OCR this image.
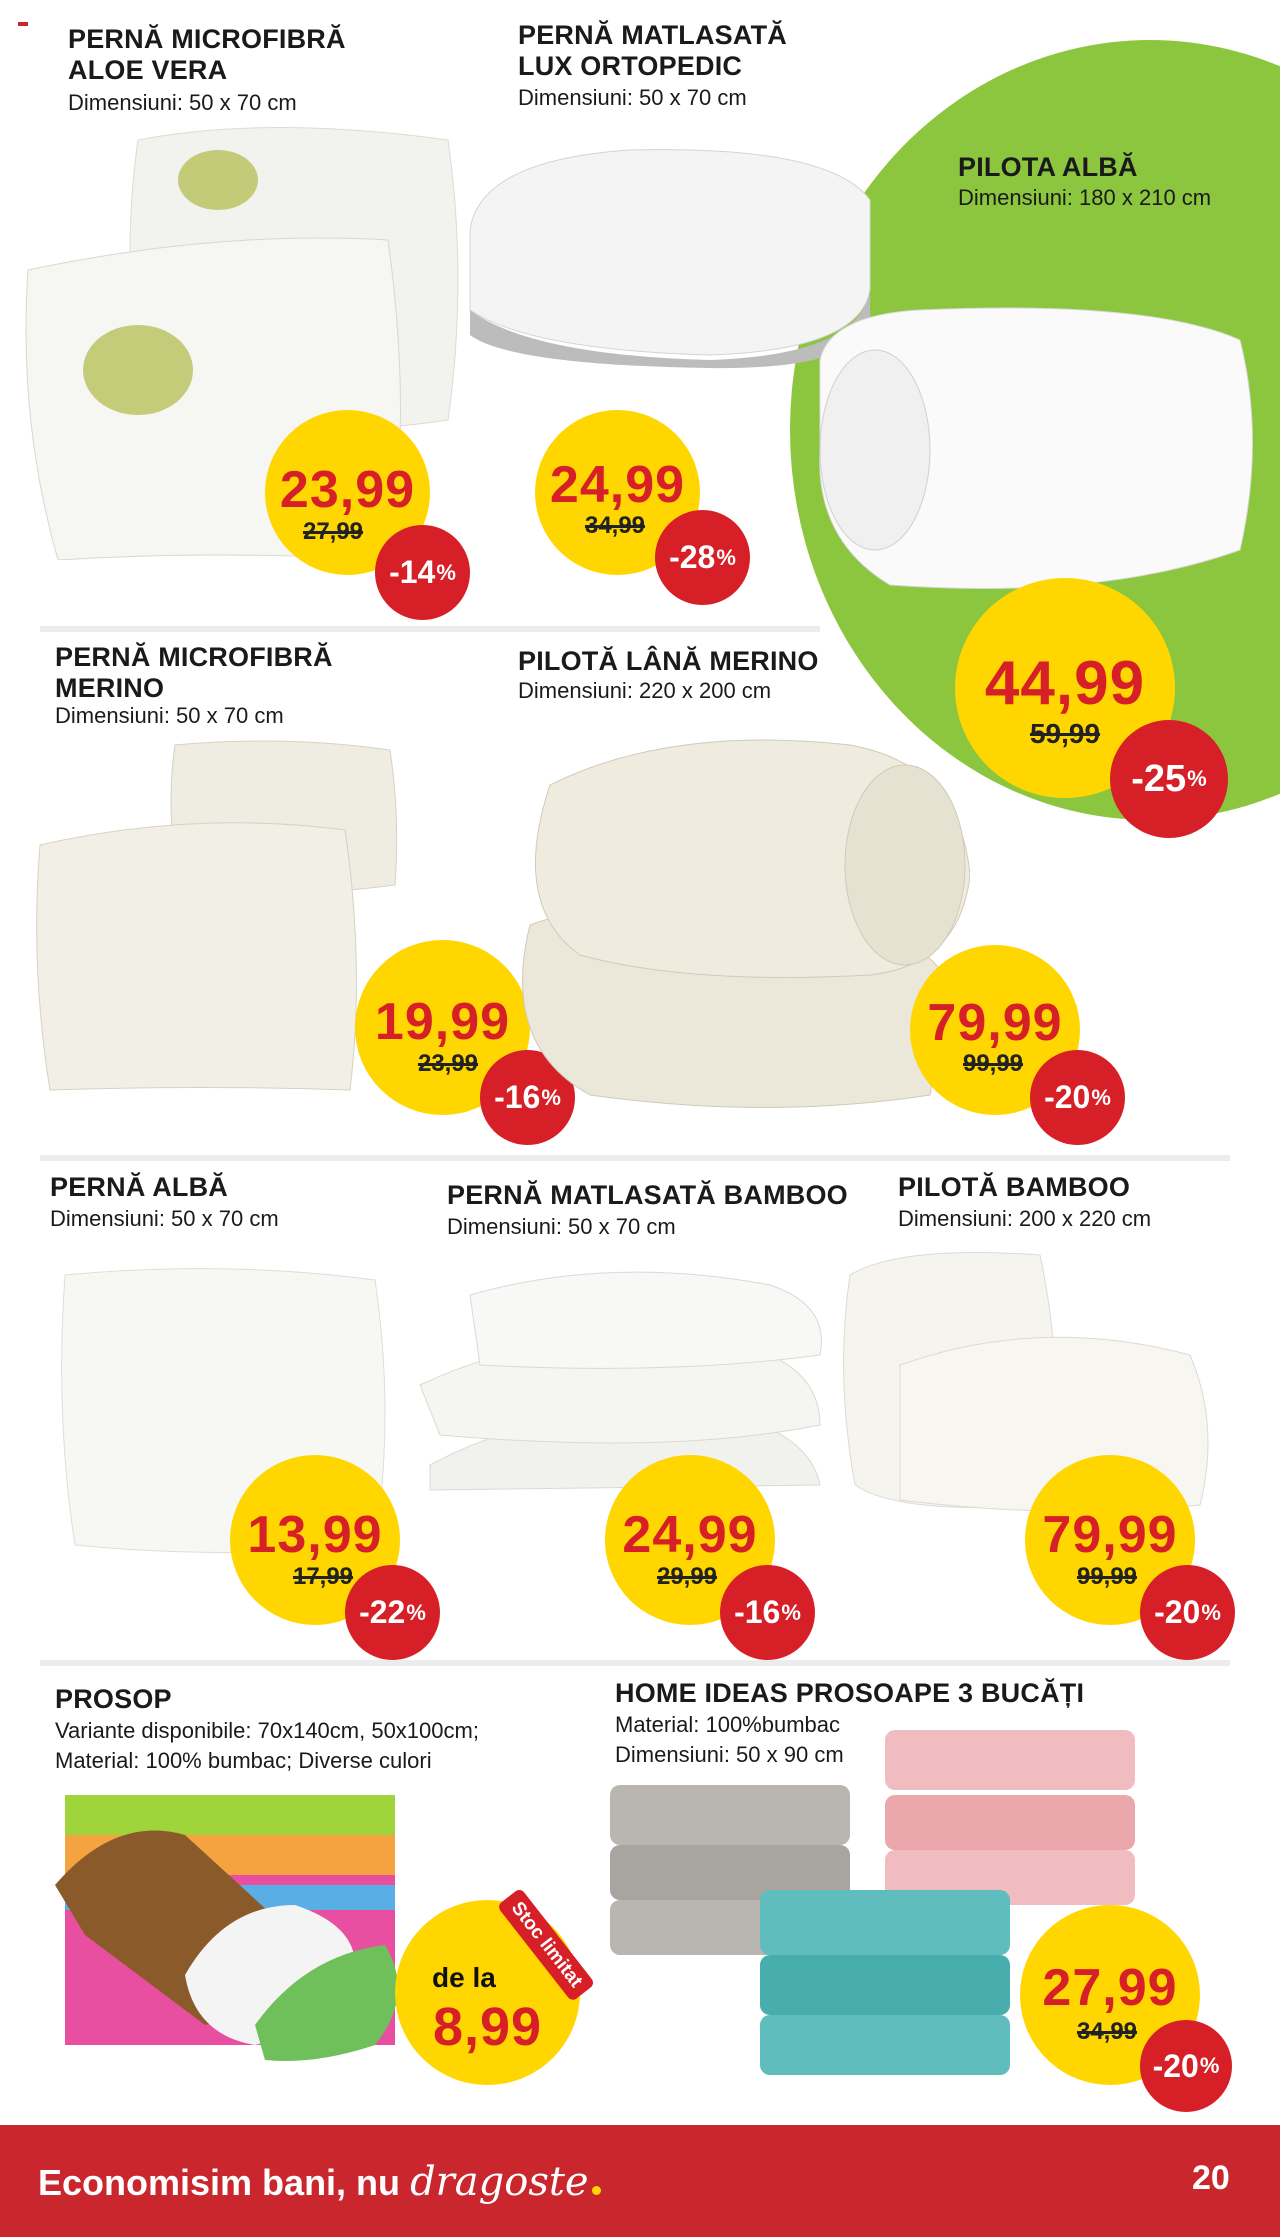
PERNĂ MICROFIBRĂ
ALOE VERA
Dimensiuni: 50 x 70 cm
23,99
27,99
-14 %
PERNĂ MATLASATĂ
LUX ORTOPEDIC
Dimensiuni: 50 x 70 cm
24,99
34,99
-28 %
PILOTA ALBĂ
Dimensiuni: 180 x 210 cm
44,99
59,99
-25 %
PERNĂ MICROFIBRĂ
MERINO
Dimensiuni: 50 x 70 cm
19,99
23,99
-16 %
PILOTĂ LÂNĂ MERINO
Dimensiuni: 220 x 200 cm
79,99
99,99
-20 %
PERNĂ ALBĂ
Dimensiuni: 50 x 70 cm
13,99
17,99
-22 %
PERNĂ MATLASATĂ BAMBOO
Dimensiuni: 50 x 70 cm
24,99
29,99
-16 %
PILOTĂ BAMBOO
Dimensiuni: 200 x 220 cm
79,99
99,99
-20 %
PROSOP
Variante disponibile: 70x140cm, 50x100cm;
Material: 100% bumbac; Diverse culori
de la
8,99
Stoc limitat
HOME IDEAS PROSOAPE 3 BUCĂȚI
Material: 100%bumbac
Dimensiuni: 50 x 90 cm
27,99
34,99
-20 %
Economisim bani, nu dragoste	20
